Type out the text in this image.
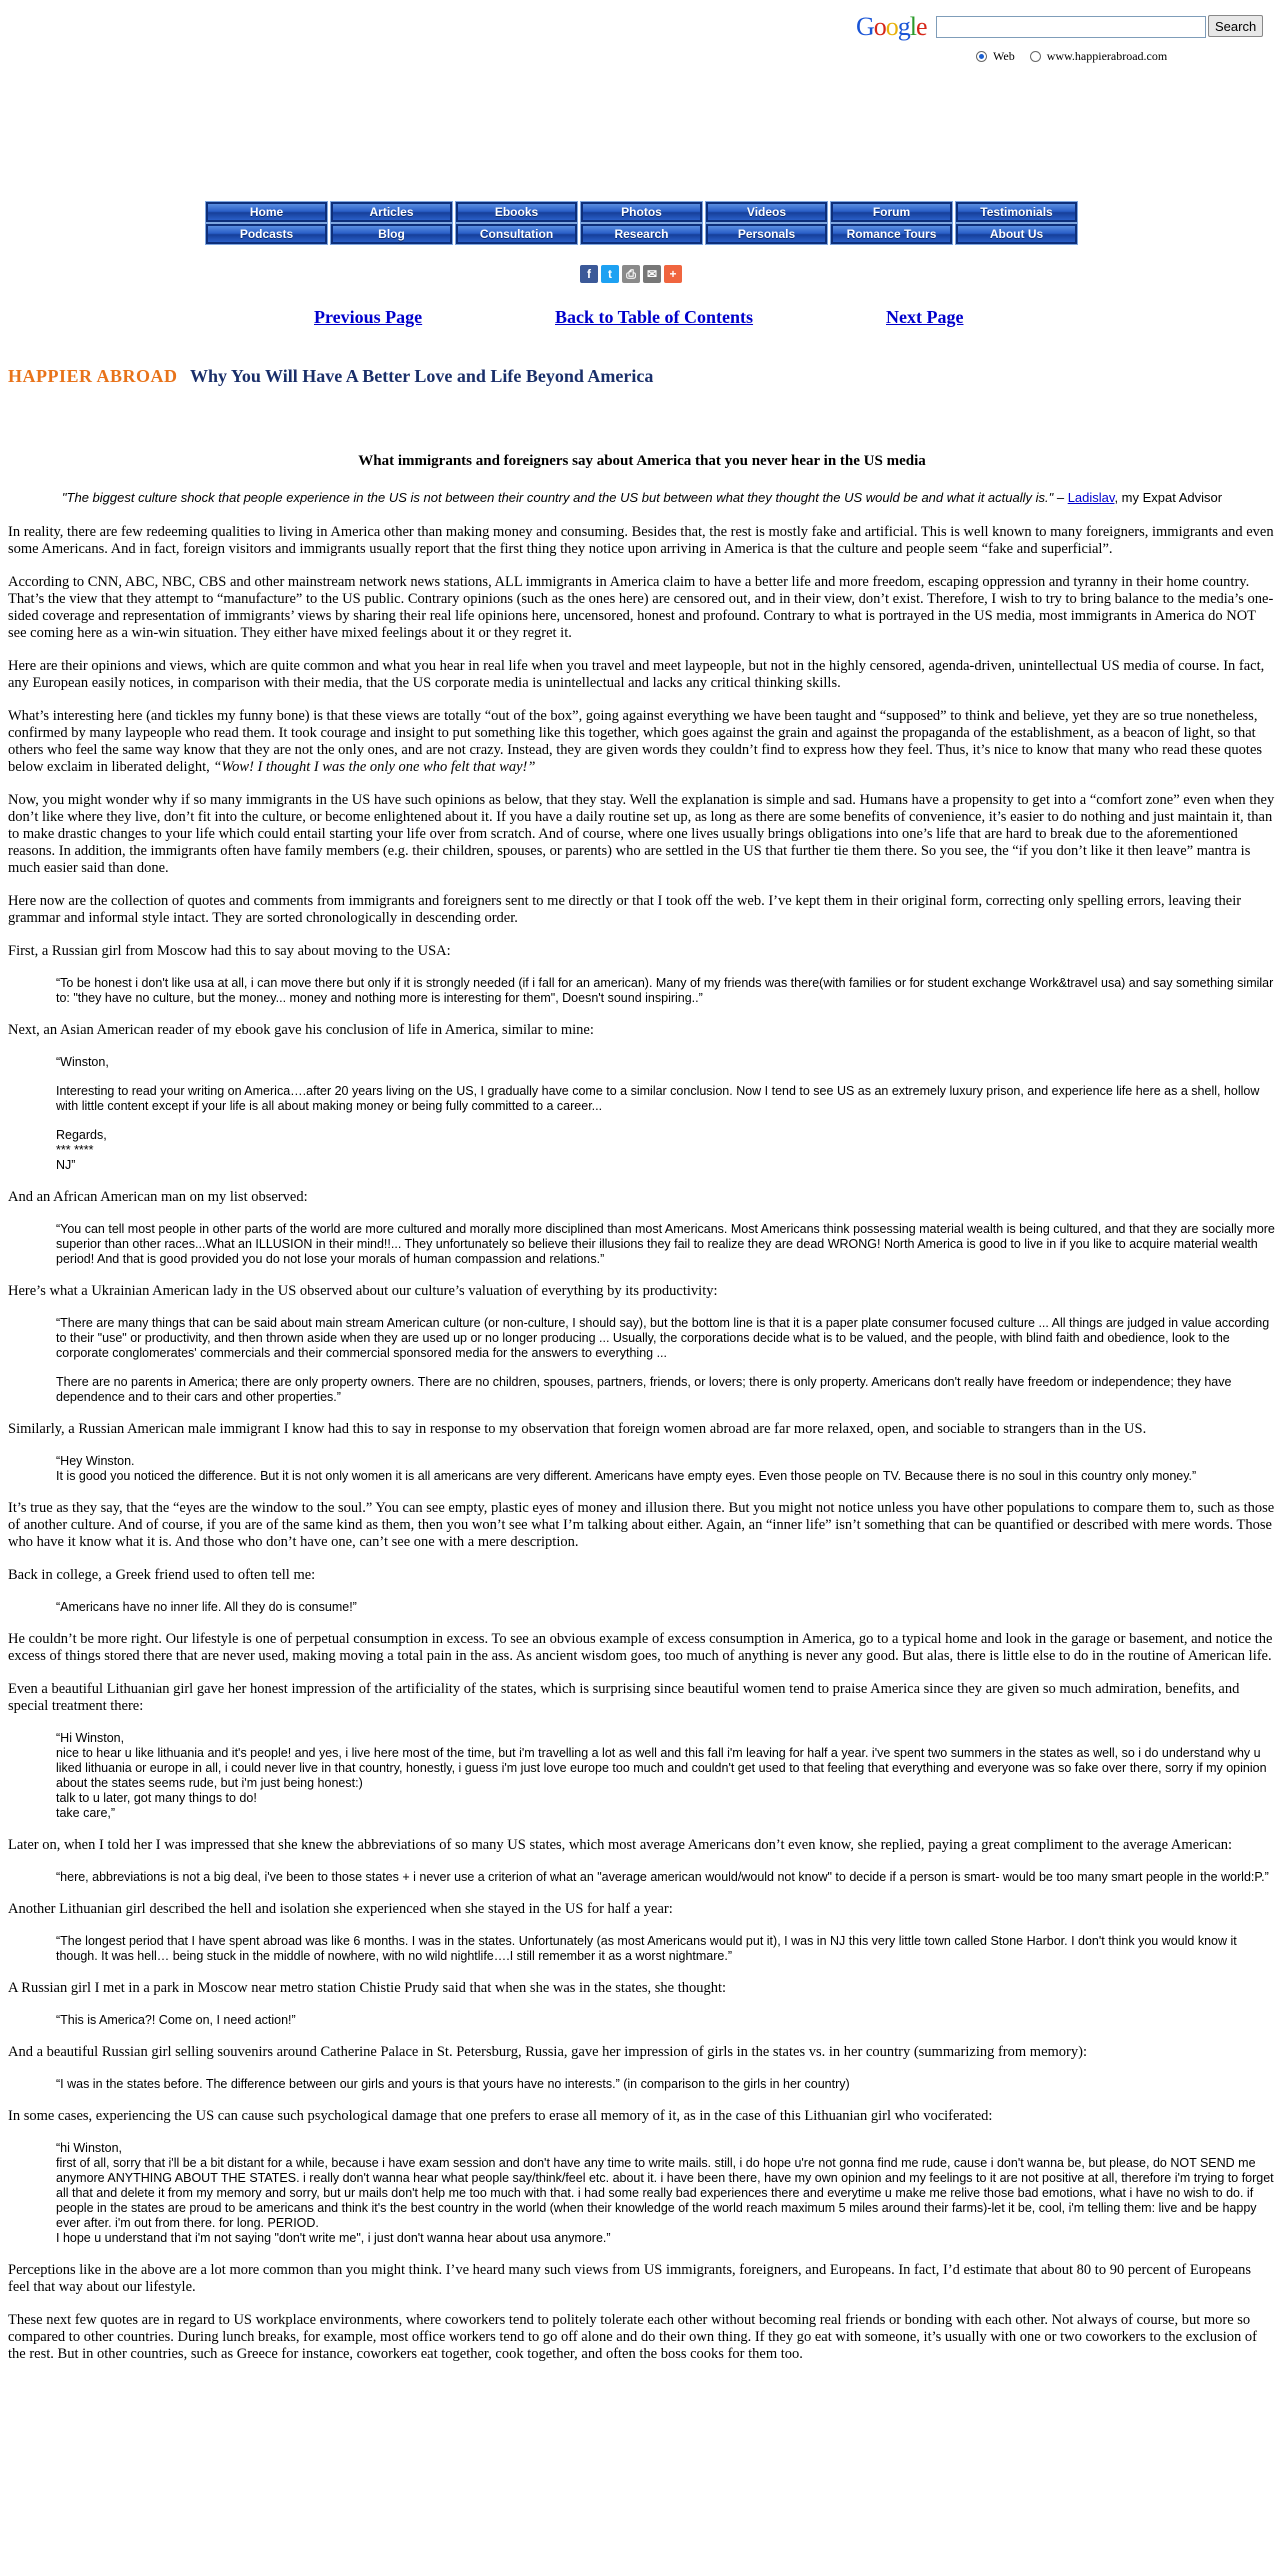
Google	Search
Web	www.happierabroad.com
Home	Articles	Ebooks	Photos	Videos	Forum	Testimonials
Podcasts	Blog	Consultation	Research	Personals	Romance Tours	About Us
f	t	⎙ ✉	+
Previous Page	Back to Table of Contents	Next Page
HAPPIER ABROAD Why You Will Have A Better Love and Life Beyond America
What immigrants and foreigners say about America that you never hear in the US media
"The biggest culture shock that people experience in the US is not between their country and the US but between what they thought the US would be and what it actually is." – Ladislav, my Expat Advisor

In reality, there are few redeeming qualities to living in America other than making money and consuming. Besides that, the rest is mostly fake and artificial. This is well known to many foreigners, immigrants and even some Americans. And in fact, foreign visitors and immigrants usually report that the first thing they notice upon arriving in America is that the culture and people seem “fake and superficial”.

According to CNN, ABC, NBC, CBS and other mainstream network news stations, ALL immigrants in America claim to have a better life and more freedom, escaping oppression and tyranny in their home country. That’s the view that they attempt to “manufacture” to the US public. Contrary opinions (such as the ones here) are censored out, and in their view, don’t exist. Therefore, I wish to try to bring balance to the media’s one-sided coverage and representation of immigrants’ views by sharing their real life opinions here, uncensored, honest and profound. Contrary to what is portrayed in the US media, most immigrants in America do NOT see coming here as a win-win situation. They either have mixed feelings about it or they regret it.

Here are their opinions and views, which are quite common and what you hear in real life when you travel and meet laypeople, but not in the highly censored, agenda-driven, unintellectual US media of course. In fact, any European easily notices, in comparison with their media, that the US corporate media is unintellectual and lacks any critical thinking skills.

What’s interesting here (and tickles my funny bone) is that these views are totally “out of the box”, going against everything we have been taught and “supposed” to think and believe, yet they are so true nonetheless, confirmed by many laypeople who read them. It took courage and insight to put something like this together, which goes against the grain and against the propaganda of the establishment, as a beacon of light, so that others who feel the same way know that they are not the only ones, and are not crazy. Instead, they are given words they couldn’t find to express how they feel. Thus, it’s nice to know that many who read these quotes below exclaim in liberated delight, “Wow! I thought I was the only one who felt that way!”

Now, you might wonder why if so many immigrants in the US have such opinions as below, that they stay. Well the explanation is simple and sad. Humans have a propensity to get into a “comfort zone” even when they don’t like where they live, don’t fit into the culture, or become enlightened about it. If you have a daily routine set up, as long as there are some benefits of convenience, it’s easier to do nothing and just maintain it, than to make drastic changes to your life which could entail starting your life over from scratch. And of course, where one lives usually brings obligations into one’s life that are hard to break due to the aforementioned reasons. In addition, the immigrants often have family members (e.g. their children, spouses, or parents) who are settled in the US that further tie them there. So you see, the “if you don’t like it then leave” mantra is much easier said than done.

Here now are the collection of quotes and comments from immigrants and foreigners sent to me directly or that I took off the web. I’ve kept them in their original form, correcting only spelling errors, leaving their grammar and informal style intact. They are sorted chronologically in descending order.

First, a Russian girl from Moscow had this to say about moving to the USA:

“To be honest i don't like usa at all, i can move there but only if it is strongly needed (if i fall for an american). Many of my friends was there(with families or for student exchange Work&travel usa) and say something similar to: "they have no culture, but the money... money and nothing more is interesting for them", Doesn't sound inspiring..”

Next, an Asian American reader of my ebook gave his conclusion of life in America, similar to mine:

“Winston,

Interesting to read your writing on America….after 20 years living on the US, I gradually have come to a similar conclusion. Now I tend to see US as an extremely luxury prison, and experience life here as a shell, hollow with little content except if your life is all about making money or being fully committed to a career...

Regards,
*** ****
NJ”

And an African American man on my list observed:

“You can tell most people in other parts of the world are more cultured and morally more disciplined than most Americans. Most Americans think possessing material wealth is being cultured, and that they are socially more superior than other races...What an ILLUSION in their mind!!... They unfortunately so believe their illusions they fail to realize they are dead WRONG! North America is good to live in if you like to acquire material wealth period! And that is good provided you do not lose your morals of human compassion and relations.”

Here’s what a Ukrainian American lady in the US observed about our culture’s valuation of everything by its productivity:

“There are many things that can be said about main stream American culture (or non-culture, I should say), but the bottom line is that it is a paper plate consumer focused culture ... All things are judged in value according to their "use" or productivity, and then thrown aside when they are used up or no longer producing ... Usually, the corporations decide what is to be valued, and the people, with blind faith and obedience, look to the corporate conglomerates' commercials and their commercial sponsored media for the answers to everything ...

There are no parents in America; there are only property owners. There are no children, spouses, partners, friends, or lovers; there is only property. Americans don't really have freedom or independence; they have dependence and to their cars and other properties.”

Similarly, a Russian American male immigrant I know had this to say in response to my observation that foreign women abroad are far more relaxed, open, and sociable to strangers than in the US.

“Hey Winston.
It is good you noticed the difference. But it is not only women it is all americans are very different. Americans have empty eyes. Even those people on TV. Because there is no soul in this country only money.”

It’s true as they say, that the “eyes are the window to the soul.” You can see empty, plastic eyes of money and illusion there. But you might not notice unless you have other populations to compare them to, such as those of another culture. And of course, if you are of the same kind as them, then you won’t see what I’m talking about either. Again, an “inner life” isn’t something that can be quantified or described with mere words. Those who have it know what it is. And those who don’t have one, can’t see one with a mere description.

Back in college, a Greek friend used to often tell me:

“Americans have no inner life. All they do is consume!”

He couldn’t be more right. Our lifestyle is one of perpetual consumption in excess. To see an obvious example of excess consumption in America, go to a typical home and look in the garage or basement, and notice the excess of things stored there that are never used, making moving a total pain in the ass. As ancient wisdom goes, too much of anything is never any good. But alas, there is little else to do in the routine of American life.

Even a beautiful Lithuanian girl gave her honest impression of the artificiality of the states, which is surprising since beautiful women tend to praise America since they are given so much admiration, benefits, and special treatment there:

“Hi Winston,
nice to hear u like lithuania and it's people! and yes, i live here most of the time, but i'm travelling a lot as well and this fall i'm leaving for half a year. i've spent two summers in the states as well, so i do understand why u liked lithuania or europe in all, i could never live in that country, honestly, i guess i'm just love europe too much and couldn't get used to that feeling that everything and everyone was so fake over there, sorry if my opinion about the states seems rude, but i'm just being honest:)
talk to u later, got many things to do!
take care,”

Later on, when I told her I was impressed that she knew the abbreviations of so many US states, which most average Americans don’t even know, she replied, paying a great compliment to the average American:

“here, abbreviations is not a big deal, i've been to those states + i never use a criterion of what an "average american would/would not know" to decide if a person is smart- would be too many smart people in the world:P.”

Another Lithuanian girl described the hell and isolation she experienced when she stayed in the US for half a year:

“The longest period that I have spent abroad was like 6 months. I was in the states. Unfortunately (as most Americans would put it), I was in NJ this very little town called Stone Harbor. I don't think you would know it though. It was hell… being stuck in the middle of nowhere, with no wild nightlife….I still remember it as a worst nightmare.”

A Russian girl I met in a park in Moscow near metro station Chistie Prudy said that when she was in the states, she thought:

“This is America?! Come on, I need action!”

And a beautiful Russian girl selling souvenirs around Catherine Palace in St. Petersburg, Russia, gave her impression of girls in the states vs. in her country (summarizing from memory):

“I was in the states before. The difference between our girls and yours is that yours have no interests.” (in comparison to the girls in her country)

In some cases, experiencing the US can cause such psychological damage that one prefers to erase all memory of it, as in the case of this Lithuanian girl who vociferated:

“hi Winston,
first of all, sorry that i'll be a bit distant for a while, because i have exam session and don't have any time to write mails. still, i do hope u're not gonna find me rude, cause i don't wanna be, but please, do NOT SEND me anymore ANYTHING ABOUT THE STATES. i really don't wanna hear what people say/think/feel etc. about it. i have been there, have my own opinion and my feelings to it are not positive at all, therefore i'm trying to forget all that and delete it from my memory and sorry, but ur mails don't help me too much with that. i had some really bad experiences there and everytime u make me relive those bad emotions, what i have no wish to do. if people in the states are proud to be americans and think it's the best country in the world (when their knowledge of the world reach maximum 5 miles around their farms)-let it be, cool, i'm telling them: live and be happy ever after. i'm out from there. for long. PERIOD.
I hope u understand that i'm not saying "don't write me", i just don't wanna hear about usa anymore.”

Perceptions like in the above are a lot more common than you might think. I’ve heard many such views from US immigrants, foreigners, and Europeans. In fact, I’d estimate that about 80 to 90 percent of Europeans feel that way about our lifestyle.

These next few quotes are in regard to US workplace environments, where coworkers tend to politely tolerate each other without becoming real friends or bonding with each other. Not always of course, but more so compared to other countries. During lunch breaks, for example, most office workers tend to go off alone and do their own thing. If they go eat with someone, it’s usually with one or two coworkers to the exclusion of the rest. But in other countries, such as Greece for instance, coworkers eat together, cook together, and often the boss cooks for them too.
